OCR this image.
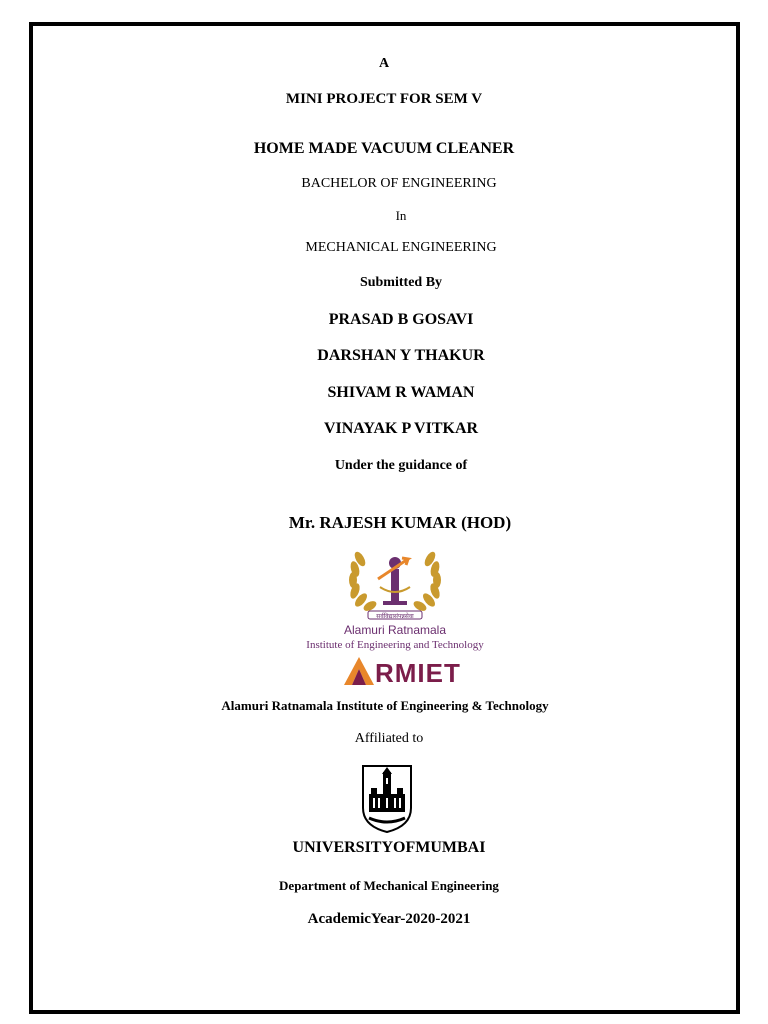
A
MINI PROJECT FOR SEM V
HOME MADE VACUUM CLEANER
BACHELOR OF ENGINEERING
In
MECHANICAL ENGINEERING
Submitted By
PRASAD B GOSAVI
DARSHAN Y THAKUR
SHIVAM R WAMAN
VINAYAK P VITKAR
Under the guidance of
Mr. RAJESH KUMAR (HOD)
सर्वविद्यासंपन्नसेवा
Alamuri Ratnamala
Institute of Engineering and Technology
RMIET
Alamuri Ratnamala Institute of Engineering & Technology
Affiliated to
UNIVERSITYOFMUMBAI
Department of Mechanical Engineering
AcademicYear-2020-2021
